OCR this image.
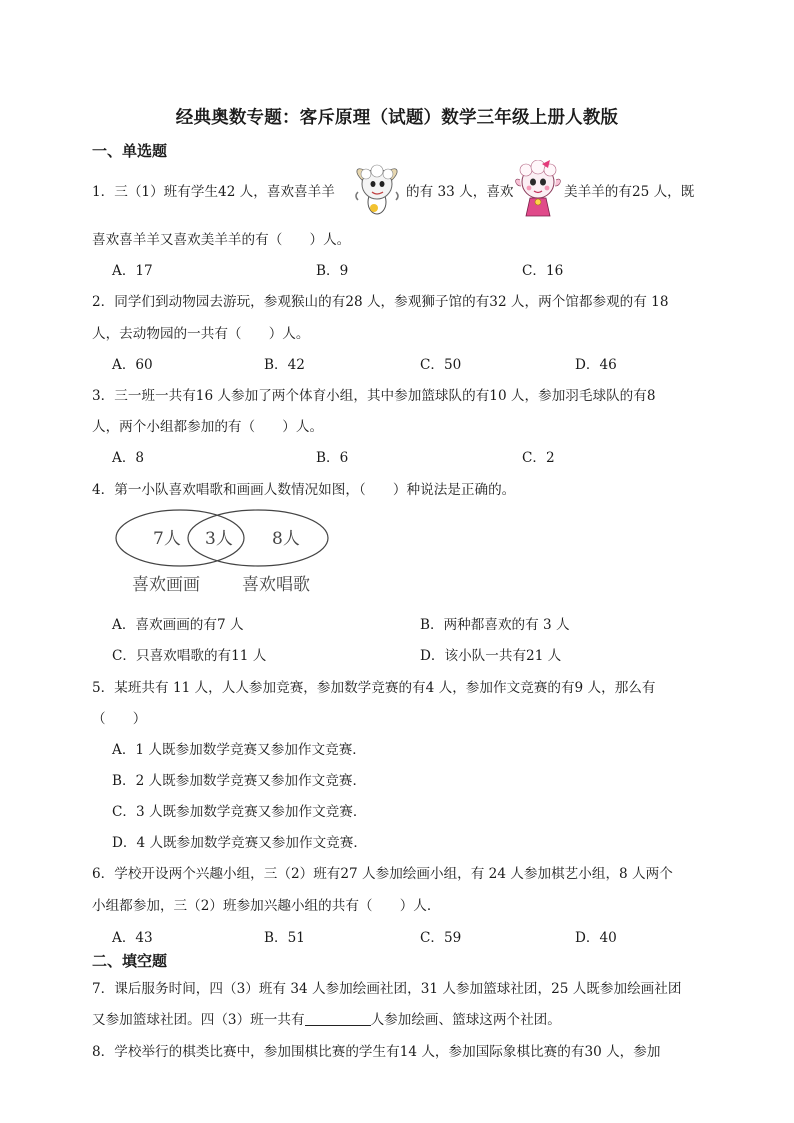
经典奥数专题：客斥原理（试题）数学三年级上册人教版
一、单选题
1．三（1）班有学生42 人，喜欢喜羊羊	的有 33 人，喜欢	美羊羊的有25 人，既
喜欢喜羊羊又喜欢美羊羊的有（　　）人。
A．17	B．9	C．16
2．同学们到动物园去游玩，参观猴山的有28 人，参观狮子馆的有32 人，两个馆都参观的有 18
人，去动物园的一共有（　　）人。
A．60	B．42	C．50	D．46
3．三一班一共有16 人参加了两个体育小组，其中参加篮球队的有10 人，参加羽毛球队的有8
人，两个小组都参加的有（　　）人。
A．8	B．6	C．2
4．第一小队喜欢唱歌和画画人数情况如图，（　　）种说法是正确的。
7人 3人 8人
喜欢画画 喜欢唱歌
A．喜欢画画的有7 人	B．两种都喜欢的有 3 人
C．只喜欢唱歌的有11 人	D．该小队一共有21 人
5．某班共有 11 人，人人参加竞赛，参加数学竞赛的有4 人，参加作文竞赛的有9 人，那么有
（　　）
A．1 人既参加数学竞赛又参加作文竞赛．
B．2 人既参加数学竞赛又参加作文竞赛．
C．3 人既参加数学竞赛又参加作文竞赛．
D．4 人既参加数学竞赛又参加作文竞赛．
6．学校开设两个兴趣小组，三（2）班有27 人参加绘画小组，有 24 人参加棋艺小组，8 人两个
小组都参加，三（2）班参加兴趣小组的共有（　　）人．
A．43	B．51	C．59	D．40
二、填空题
7．课后服务时间，四（3）班有 34 人参加绘画社团，31 人参加篮球社团，25 人既参加绘画社团
又参加篮球社团。四（3）班一共有	人参加绘画、篮球这两个社团。
8．学校举行的棋类比赛中，参加围棋比赛的学生有14 人，参加国际象棋比赛的有30 人，参加
